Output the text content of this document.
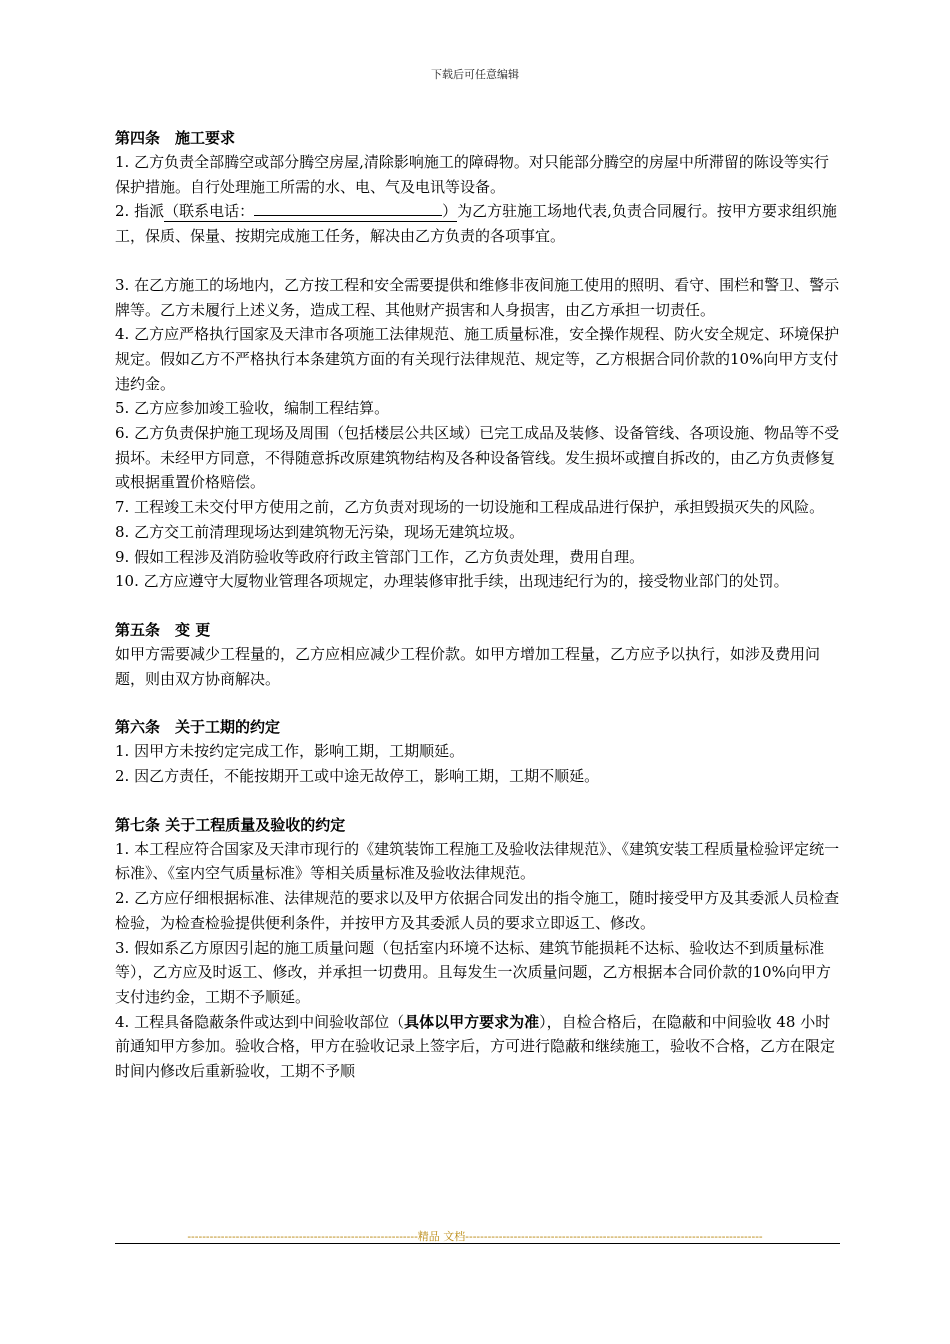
下载后可任意编辑
第四条　施工要求
1. 乙方负责全部腾空或部分腾空房屋,清除影响施工的障碍物。对只能部分腾空的房屋中所滞留的陈设等实行保护措施。自行处理施工所需的水、电、气及电讯等设备。
2. 指派（联系电话：	）为乙方驻施工场地代表,负责合同履行。按甲方要求组织施工，保质、保量、按期完成施工任务，解决由乙方负责的各项事宜。
3. 在乙方施工的场地内，乙方按工程和安全需要提供和维修非夜间施工使用的照明、看守、围栏和警卫、警示牌等。乙方未履行上述义务，造成工程、其他财产损害和人身损害，由乙方承担一切责任。
4. 乙方应严格执行国家及天津市各项施工法律规范、施工质量标准，安全操作规程、防火安全规定、环境保护规定。假如乙方不严格执行本条建筑方面的有关现行法律规范、规定等，乙方根据合同价款的10%向甲方支付违约金。
5. 乙方应参加竣工验收，编制工程结算。
6. 乙方负责保护施工现场及周围（包括楼层公共区域）已完工成品及装修、设备管线、各项设施、物品等不受损坏。未经甲方同意，不得随意拆改原建筑物结构及各种设备管线。发生损坏或擅自拆改的，由乙方负责修复或根据重置价格赔偿。
7. 工程竣工未交付甲方使用之前，乙方负责对现场的一切设施和工程成品进行保护，承担毁损灭失的风险。
8. 乙方交工前清理现场达到建筑物无污染，现场无建筑垃圾。
9. 假如工程涉及消防验收等政府行政主管部门工作，乙方负责处理，费用自理。
10. 乙方应遵守大厦物业管理各项规定，办理装修审批手续，出现违纪行为的，接受物业部门的处罚。
第五条　变 更
如甲方需要减少工程量的，乙方应相应减少工程价款。如甲方增加工程量，乙方应予以执行，如涉及费用问题，则由双方协商解决。
第六条　关于工期的约定
1. 因甲方未按约定完成工作，影响工期，工期顺延。
2. 因乙方责任，不能按期开工或中途无故停工，影响工期，工期不顺延。
第七条 关于工程质量及验收的约定
1. 本工程应符合国家及天津市现行的《建筑装饰工程施工及验收法律规范》、《建筑安装工程质量检验评定统一标准》、《室内空气质量标准》等相关质量标准及验收法律规范。
2. 乙方应仔细根据标准、法律规范的要求以及甲方依据合同发出的指令施工，随时接受甲方及其委派人员检查检验，为检查检验提供便利条件，并按甲方及其委派人员的要求立即返工、修改。
3. 假如系乙方原因引起的施工质量问题（包括室内环境不达标、建筑节能损耗不达标、验收达不到质量标准等），乙方应及时返工、修改，并承担一切费用。且每发生一次质量问题，乙方根据本合同价款的10%向甲方支付违约金，工期不予顺延。
4. 工程具备隐蔽条件或达到中间验收部位（具体以甲方要求为准），自检合格后，在隐蔽和中间验收 48 小时前通知甲方参加。验收合格，甲方在验收记录上签字后，方可进行隐蔽和继续施工，验收不合格，乙方在限定时间内修改后重新验收，工期不予顺
--------------------------------------------------------------精品 文档--------------------------------------------------------------------------------
